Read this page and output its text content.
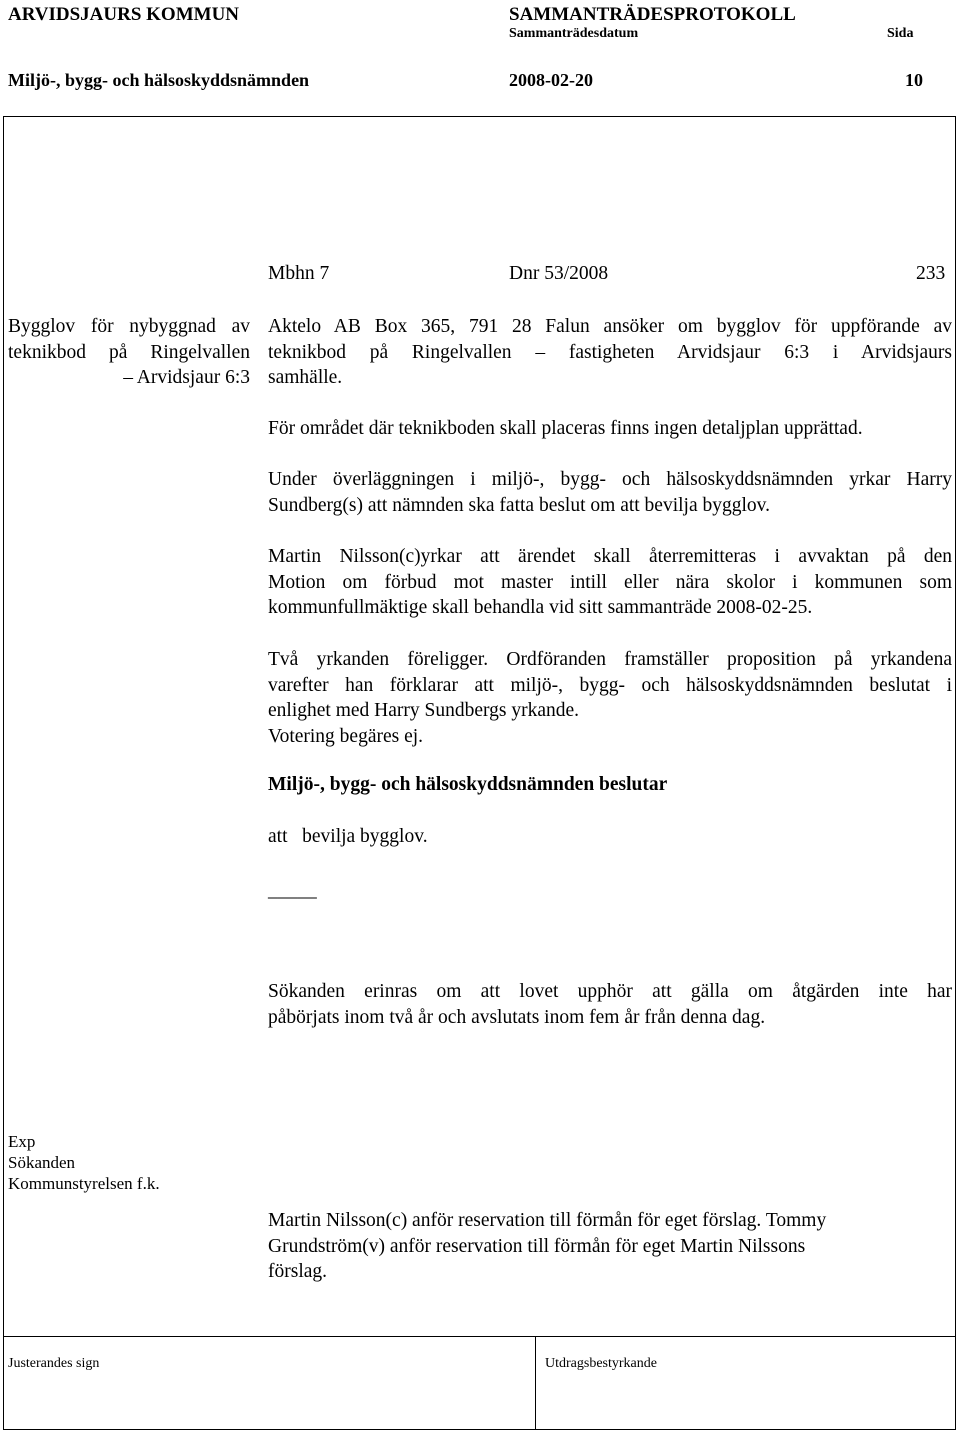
ARVIDSJAURS KOMMUN	SAMMANTRÄDESPROTOKOLL
Sammanträdesdatum	Sida
Miljö-, bygg- och hälsoskyddsnämnden	2008-02-20	10
Mbhn 7	Dnr 53/2008	233
Bygglov för nybyggnad av
teknikbod på Ringelvallen
– Arvidsjaur 6:3
Aktelo AB Box 365, 791 28 Falun ansöker om bygglov för uppförande av
teknikbod på Ringelvallen – fastigheten Arvidsjaur 6:3 i Arvidsjaurs
samhälle.
För området där teknikboden skall placeras finns ingen detaljplan upprättad.
Under överläggningen i miljö-, bygg- och hälsoskyddsnämnden yrkar Harry
Sundberg(s) att nämnden ska fatta beslut om att bevilja bygglov.
Martin Nilsson(c)yrkar att ärendet skall återremitteras i avvaktan på den
Motion om förbud mot master intill eller nära skolor i kommunen som
kommunfullmäktige skall behandla vid sitt sammanträde 2008-02-25.
Två yrkanden föreligger. Ordföranden framställer proposition på yrkandena
varefter han förklarar att miljö-, bygg- och hälsoskyddsnämnden beslutat i
enlighet med Harry Sundbergs yrkande.
Votering begäres ej.
Miljö-, bygg- och hälsoskyddsnämnden beslutar
att   bevilja bygglov.
_____
Sökanden erinras om att lovet upphör att gälla om åtgärden inte har
påbörjats inom två år och avslutats inom fem år från denna dag.
Exp
Sökanden
Kommunstyrelsen f.k.
Martin Nilsson(c) anför reservation till förmån för eget förslag. Tommy
Grundström(v) anför reservation till förmån för eget Martin Nilssons
förslag.
Justerandes sign	Utdragsbestyrkande
